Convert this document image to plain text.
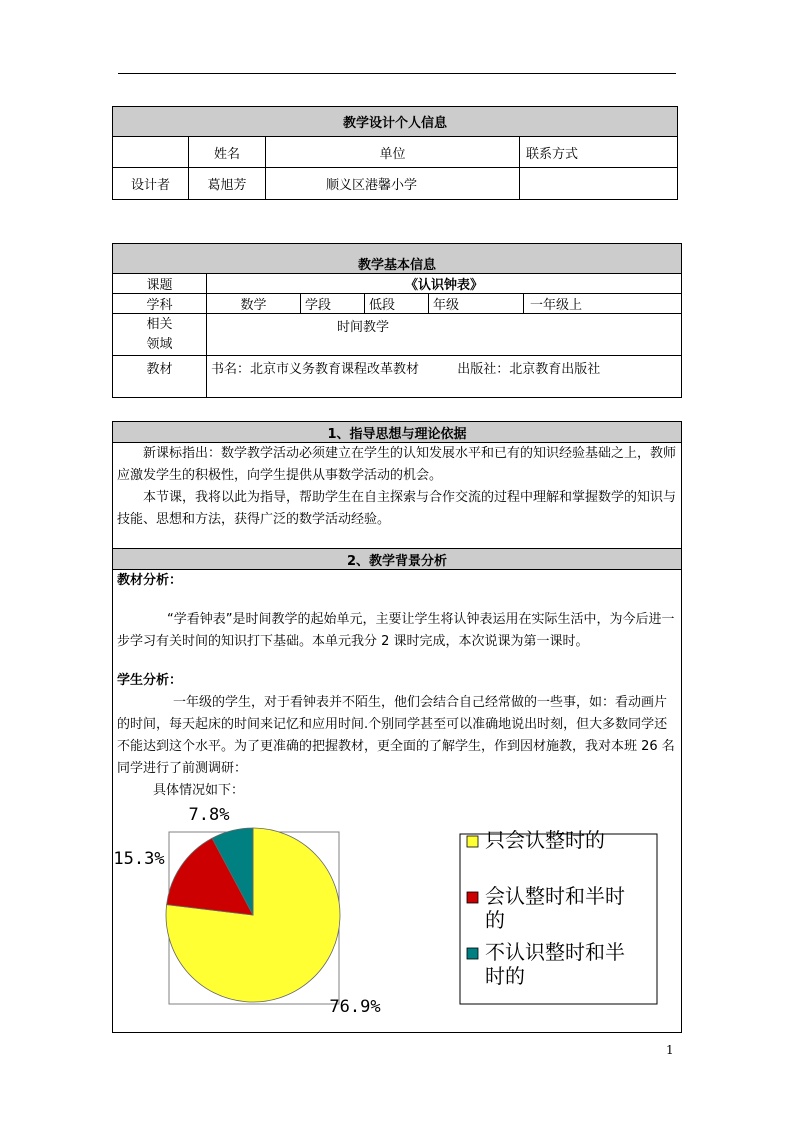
教学设计个人信息			
	姓名	单位	联系方式
设计者	葛旭芳	顺义区港馨小学	
教学基本信息					
课题	《认识钟表》				
学科	数学	学段	低段	年级	一年级上

相关
领域	时间教学				
教材	书名：北京市义务教育课程改革教材 出版社：北京教育出版社				
1、指导思想与理论依据

新课标指出：数学教学活动必须建立在学生的认知发展水平和已有的知识经验基础之上，教师应激发学生的积极性，向学生提供从事数学活动的机会。
本节课，我将以此为指导，帮助学生在自主探索与合作交流的过程中理解和掌握数学的知识与技能、思想和方法，获得广泛的数学活动经验。

2、教学背景分析

教材分析：
“学看钟表”是时间教学的起始单元，主要让学生将认钟表运用在实际生活中，为今后进一步学习有关时间的知识打下基础。本单元我分 2 课时完成，本次说课为第一课时。
学生分析：
一年级的学生，对于看钟表并不陌生，他们会结合自己经常做的一些事，如：看动画片的时间，每天起床的时间来记忆和应用时间.个别同学甚至可以准确地说出时刻，但大多数同学还不能达到这个水平。为了更准确的把握教材，更全面的了解学生，作到因材施教，我对本班 26 名同学进行了前测调研：
具体情况如下：
76.9%
15.3%
7.8%
只会认整时的
会认整时和半时
的
不认识整时和半
时的
1
